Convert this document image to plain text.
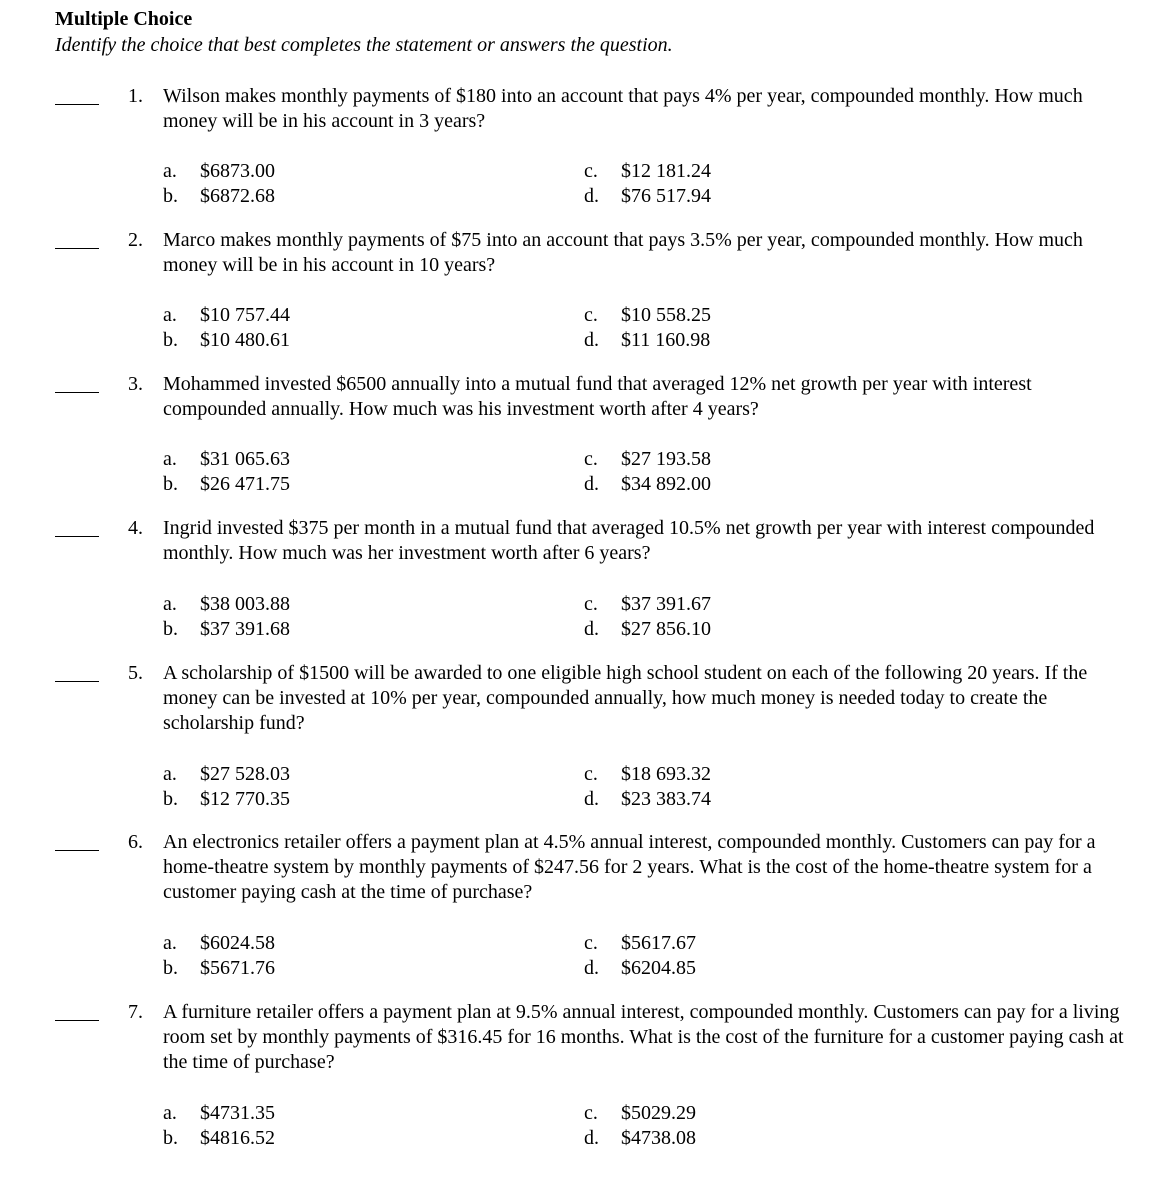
Multiple Choice
Identify the choice that best completes the statement or answers the question.
1. Wilson makes monthly payments of $180 into an account that pays 4% per year, compounded monthly. How much money will be in his account in 3 years?
a. $6873.00
b. $6872.68
c. $12 181.24
d. $76 517.94
2. Marco makes monthly payments of $75 into an account that pays 3.5% per year, compounded monthly. How much money will be in his account in 10 years?
a. $10 757.44
b. $10 480.61
c. $10 558.25
d. $11 160.98
3. Mohammed invested $6500 annually into a mutual fund that averaged 12% net growth per year with interest compounded annually. How much was his investment worth after 4 years?
a. $31 065.63
b. $26 471.75
c. $27 193.58
d. $34 892.00
4. Ingrid invested $375 per month in a mutual fund that averaged 10.5% net growth per year with interest compounded monthly. How much was her investment worth after 6 years?
a. $38 003.88
b. $37 391.68
c. $37 391.67
d. $27 856.10
5. A scholarship of $1500 will be awarded to one eligible high school student on each of the following 20 years. If the money can be invested at 10% per year, compounded annually, how much money is needed today to create the scholarship fund?
a. $27 528.03
b. $12 770.35
c. $18 693.32
d. $23 383.74
6. An electronics retailer offers a payment plan at 4.5% annual interest, compounded monthly. Customers can pay for a home-theatre system by monthly payments of $247.56 for 2 years. What is the cost of the home-theatre system for a customer paying cash at the time of purchase?
a. $6024.58
b. $5671.76
c. $5617.67
d. $6204.85
7. A furniture retailer offers a payment plan at 9.5% annual interest, compounded monthly. Customers can pay for a living room set by monthly payments of $316.45 for 16 months. What is the cost of the furniture for a customer paying cash at the time of purchase?
a. $4731.35
b. $4816.52
c. $5029.29
d. $4738.08
